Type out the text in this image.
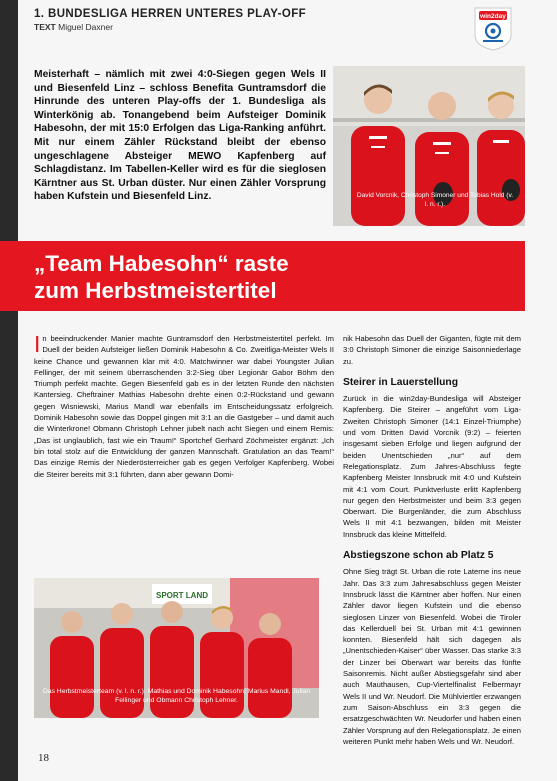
1. BUNDESLIGA HERREN UNTERES PLAY-OFF
TEXT Miguel Daxner
win2day
Meisterhaft – nämlich mit zwei 4:0-Siegen gegen Wels II und Biesenfeld Linz – schloss Benefita Guntramsdorf die Hinrunde des unteren Play-offs der 1. Bundesliga als Winterkönig ab. Tonangebend beim Aufsteiger Dominik Habesohn, der mit 15:0 Erfolgen das Liga-Ranking anführt. Mit nur einem Zähler Rückstand bleibt der ebenso ungeschlagene Absteiger MEWO Kapfenberg auf Schlagdistanz. Im Tabellen-Keller wird es für die sieglosen Kärntner aus St. Urban düster. Nur einen Zähler Vorsprung haben Kufstein und Biesenfeld Linz.	David Vorcnik, Christoph Simoner und Tobias Hold (v. l. n. r.).
„Team Habesohn“ raste
zum Herbstmeistertitel

In beeindruckender Manier machte Guntramsdorf den Herbstmeistertitel perfekt. Im Duell der beiden Aufsteiger ließen Dominik Habesohn & Co. Zweitliga-Meister Wels II keine Chance und gewannen klar mit 4:0. Matchwinner war dabei Youngster Julian Fellinger, der mit seinem überraschenden 3:2-Sieg über Legionär Gabor Böhm den Triumph perfekt machte. Gegen Biesenfeld gab es in der letzten Runde den nächsten Kantersieg. Cheftrainer Mathias Habesohn drehte einen 0:2-Rückstand und gewann gegen Wisniewski, Marius Mandl war ebenfalls im Entscheidungssatz erfolgreich. Dominik Habesohn sowie das Doppel gingen mit 3:1 an die Gastgeber – und damit auch die Winterkrone! Obmann Christoph Lehner jubelt nach acht Siegen und einem Remis: „Das ist unglaublich, fast wie ein Traum!“ Sportchef Gerhard Zöchmeister ergänzt: „Ich bin total stolz auf die Entwicklung der ganzen Mannschaft. Gratulation an das Team!“ Das einzige Remis der Niederösterreicher gab es gegen Verfolger Kapfenberg. Wobei die Steirer bereits mit 3:1 führten, dann aber gewann Domi-

nik Habesohn das Duell der Giganten, fügte mit dem 3:0 Christoph Simoner die einzige Saisonniederlage zu.

Steirer in Lauerstellung

Zurück in die win2day-Bundesliga will Absteiger Kapfenberg. Die Steirer – angeführt vom Liga-Zweiten Christoph Simoner (14:1 Einzel-Triumphe) und vom Dritten David Vorcnik (9:2) – feierten insgesamt sieben Erfolge und liegen aufgrund der beiden Unentschieden „nur“ auf dem Relegationsplatz. Zum Jahres-Abschluss fegte Kapfenberg Meister Innsbruck mit 4:0 und Kufstein mit 4:1 vom Court. Punktverluste erlitt Kapfenberg nur gegen den Herbstmeister und beim 3:3 gegen Oberwart. Die Burgenländer, die zum Abschluss Wels II mit 4:1 bezwangen, bilden mit Meister Innsbruck das kleine Mittelfeld.

Abstiegszone schon ab Platz 5

Ohne Sieg trägt St. Urban die rote Laterne ins neue Jahr. Das 3:3 zum Jahresabschluss gegen Meister Innsbruck lässt die Kärntner aber hoffen. Nur einen Zähler davor liegen Kufstein und die ebenso sieglosen Linzer von Biesenfeld. Wobei die Tiroler das Kellerduell bei St. Urban mit 4:1 gewinnen konnten. Biesenfeld hält sich dagegen als „Unentschieden-Kaiser“ über Wasser. Das starke 3:3 der Linzer bei Oberwart war bereits das fünfte Saisonremis. Nicht außer Abstiegsgefahr sind aber auch Mauthausen, Cup-Viertelfinalist Felbermayr Wels II und Wr. Neudorf. Die Mühlviertler erzwangen zum Saison-Abschluss ein 3:3 gegen die ersatzgeschwächten Wr. Neudorfer und haben einen Zähler Vorsprung auf den Relegationsplatz. Je einen weiteren Punkt mehr haben Wels und Wr. Neudorf.

SPORT LAND
Das Herbstmeisterteam (v. l. n. r.): Mathias und Dominik Habesohn, Marius Mandl, Julian Fellinger und Obmann Christoph Lehner.
18
